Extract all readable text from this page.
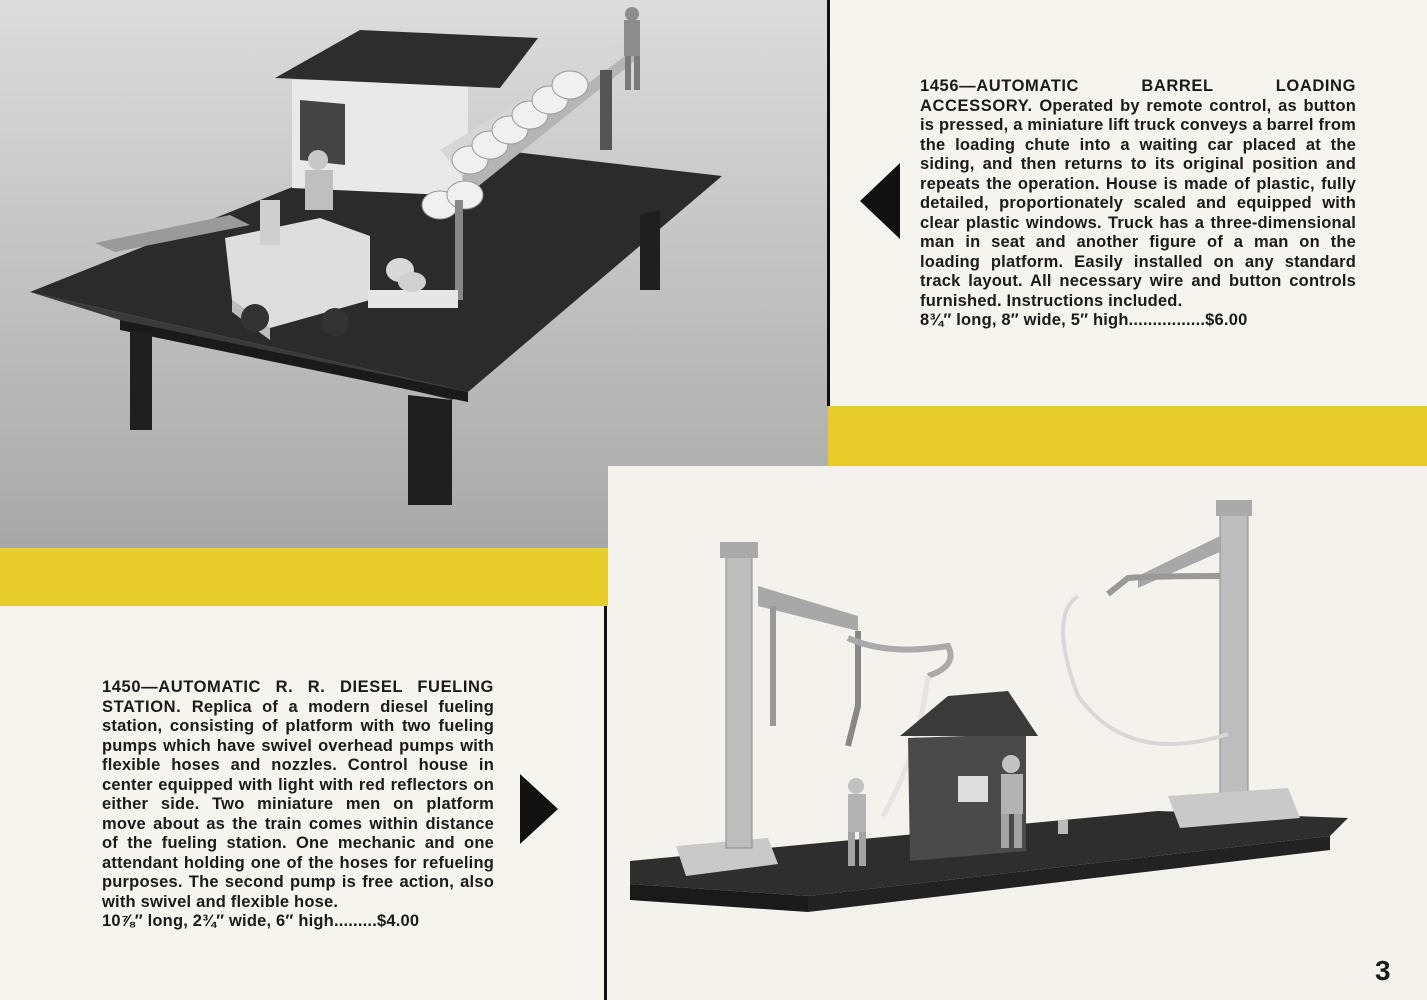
1456—AUTOMATIC BARREL LOADING ACCESSORY. Operated by remote control, as button is pressed, a miniature lift truck conveys a barrel from the loading chute into a waiting car placed at the siding, and then returns to its original position and repeats the operation. House is made of plastic, fully detailed, proportionately scaled and equipped with clear plastic windows. Truck has a three-dimensional man in seat and another figure of a man on the loading platform. Easily installed on any standard track layout. All necessary wire and button controls furnished. Instructions included.
8¾″ long, 8″ wide, 5″ high................$6.00
1450—AUTOMATIC R. R. DIESEL FUELING STATION. Replica of a modern diesel fueling station, consisting of platform with two fueling pumps which have swivel overhead pumps with flexible hoses and nozzles. Control house in center equipped with light with red reflectors on either side. Two miniature men on platform move about as the train comes within distance of the fueling station. One mechanic and one attendant holding one of the hoses for refueling purposes. The second pump is free action, also with swivel and flexible hose.
10⅞″ long, 2¾″ wide, 6″ high.........$4.00
3
